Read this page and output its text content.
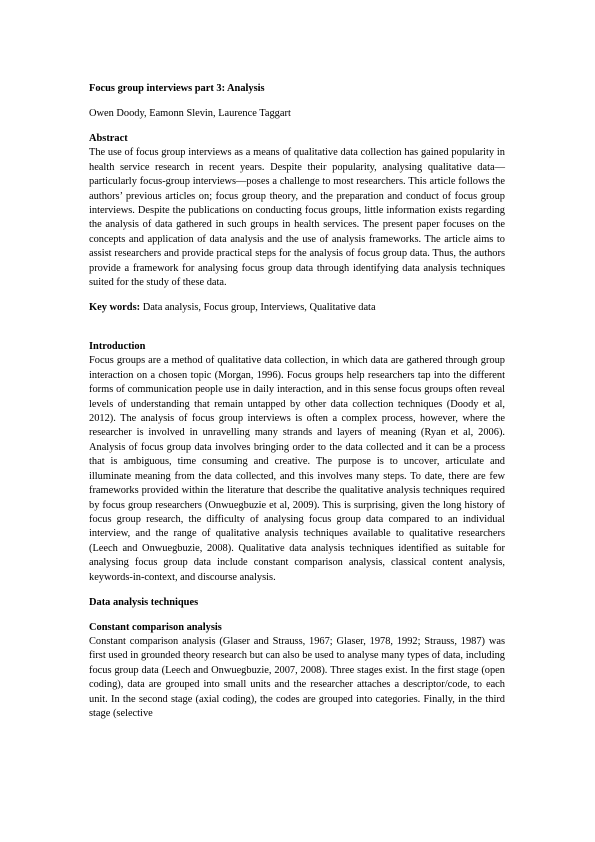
Focus group interviews part 3: Analysis

Owen Doody, Eamonn Slevin, Laurence Taggart

Abstract

The use of focus group interviews as a means of qualitative data collection has gained popularity in health service research in recent years. Despite their popularity, analysing qualitative data—particularly focus-group interviews—poses a challenge to most researchers. This article follows the authors’ previous articles on; focus group theory, and the preparation and conduct of focus group interviews. Despite the publications on conducting focus groups, little information exists regarding the analysis of data gathered in such groups in health services. The present paper focuses on the concepts and application of data analysis and the use of analysis frameworks. The article aims to assist researchers and provide practical steps for the analysis of focus group data. Thus, the authors provide a framework for analysing focus group data through identifying data analysis techniques suited for the study of these data.

Key words: Data analysis, Focus group, Interviews, Qualitative data

Introduction

Focus groups are a method of qualitative data collection, in which data are gathered through group interaction on a chosen topic (Morgan, 1996). Focus groups help researchers tap into the different forms of communication people use in daily interaction, and in this sense focus groups often reveal levels of understanding that remain untapped by other data collection techniques (Doody et al, 2012). The analysis of focus group interviews is often a complex process, however, where the researcher is involved in unravelling many strands and layers of meaning (Ryan et al, 2006). Analysis of focus group data involves bringing order to the data collected and it can be a process that is ambiguous, time consuming and creative. The purpose is to uncover, articulate and illuminate meaning from the data collected, and this involves many steps. To date, there are few frameworks provided within the literature that describe the qualitative analysis techniques required by focus group researchers (Onwuegbuzie et al, 2009). This is surprising, given the long history of focus group research, the difficulty of analysing focus group data compared to an individual interview, and the range of qualitative analysis techniques available to qualitative researchers (Leech and Onwuegbuzie, 2008). Qualitative data analysis techniques identified as suitable for analysing focus group data include constant comparison analysis, classical content analysis, keywords-in-context, and discourse analysis.

Data analysis techniques

Constant comparison analysis

Constant comparison analysis (Glaser and Strauss, 1967; Glaser, 1978, 1992; Strauss, 1987) was first used in grounded theory research but can also be used to analyse many types of data, including focus group data (Leech and Onwuegbuzie, 2007, 2008). Three stages exist. In the first stage (open coding), data are grouped into small units and the researcher attaches a descriptor/code, to each unit. In the second stage (axial coding), the codes are grouped into categories. Finally, in the third stage (selective
